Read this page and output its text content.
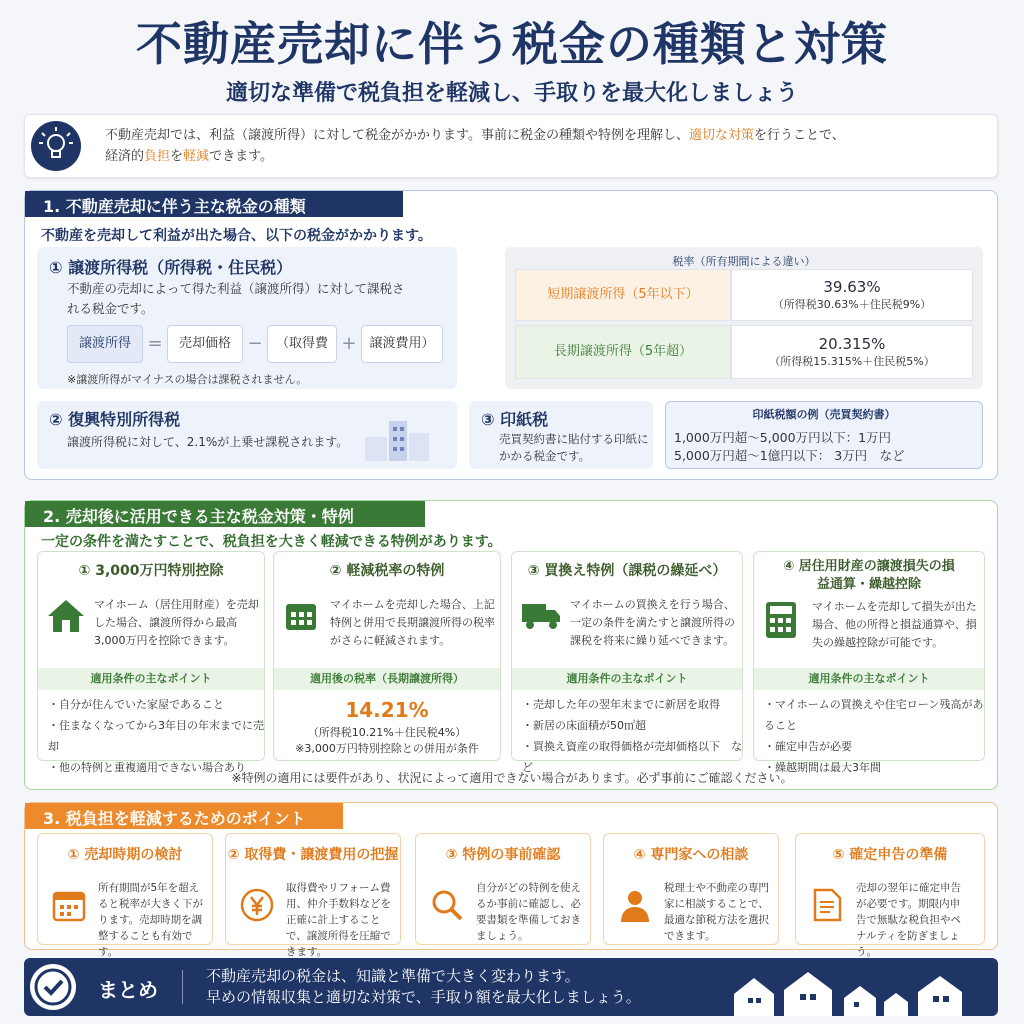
不動産売却に伴う税金の種類と対策
適切な準備で税負担を軽減し、手取りを最大化しましょう
不動産売却では、利益（譲渡所得）に対して税金がかかります。事前に税金の種類や特例を理解し、適切な対策を行うことで、
経済的負担を軽減できます。
1. 不動産売却に伴う主な税金の種類
不動産を売却して利益が出た場合、以下の税金がかかります。
① 譲渡所得税（所得税・住民税）
不動産の売却によって得た利益（譲渡所得）に対して課税される税金です。
譲渡所得 =	売却価格 −	（取得費 + 譲渡費用）
※譲渡所得がマイナスの場合は課税されません。
税率（所有期間による違い）
短期譲渡所得（5年以下）	39.63%
（所得税30.63%＋住民税9%）
長期譲渡所得（5年超）	20.315%
（所得税15.315%＋住民税5%）
② 復興特別所得税
譲渡所得税に対して、2.1%が上乗せ課税されます。
③ 印紙税
売買契約書に貼付する印紙にかかる税金です。
印紙税額の例（売買契約書）
1,000万円超～5,000万円以下：1万円
5,000万円超～1億円以下： 3万円　など
2. 売却後に活用できる主な税金対策・特例
一定の条件を満たすことで、税負担を大きく軽減できる特例があります。
① 3,000万円特別控除
マイホーム（居住用財産）を売却した場合、譲渡所得から最高3,000万円を控除できます。
適用条件の主なポイント
・自分が住んでいた家屋であること
・住まなくなってから3年目の年末までに売却
・他の特例と重複適用できない場合あり
② 軽減税率の特例
マイホームを売却した場合、上記特例と併用で長期譲渡所得の税率がさらに軽減されます。
適用後の税率（長期譲渡所得）
14.21%
（所得税10.21%＋住民税4%）
※3,000万円特別控除との併用が条件
③ 買換え特例（課税の繰延べ）
マイホームの買換えを行う場合、一定の条件を満たすと譲渡所得の課税を将来に繰り延べできます。
適用条件の主なポイント
・売却した年の翌年末までに新居を取得
・新居の床面積が50㎡超
・買換え資産の取得価格が売却価格以下　など
④ 居住用財産の譲渡損失の損益通算・繰越控除
マイホームを売却して損失が出た場合、他の所得と損益通算や、損失の繰越控除が可能です。
適用条件の主なポイント
・マイホームの買換えや住宅ローン残高があること
・確定申告が必要
・繰越期間は最大3年間
※特例の適用には要件があり、状況によって適用できない場合があります。必ず事前にご確認ください。
3. 税負担を軽減するためのポイント
① 売却時期の検討
所有期間が5年を超えると税率が大きく下がります。売却時期を調整することも有効です。
② 取得費・譲渡費用の把握
取得費やリフォーム費用、仲介手数料などを正確に計上することで、譲渡所得を圧縮できます。
③ 特例の事前確認
自分がどの特例を使えるか事前に確認し、必要書類を準備しておきましょう。
④ 専門家への相談
税理士や不動産の専門家に相談することで、最適な節税方法を選択できます。
⑤ 確定申告の準備
売却の翌年に確定申告が必要です。期限内申告で無駄な税負担やペナルティを防ぎましょう。
まとめ
不動産売却の税金は、知識と準備で大きく変わります。
早めの情報収集と適切な対策で、手取り額を最大化しましょう。
